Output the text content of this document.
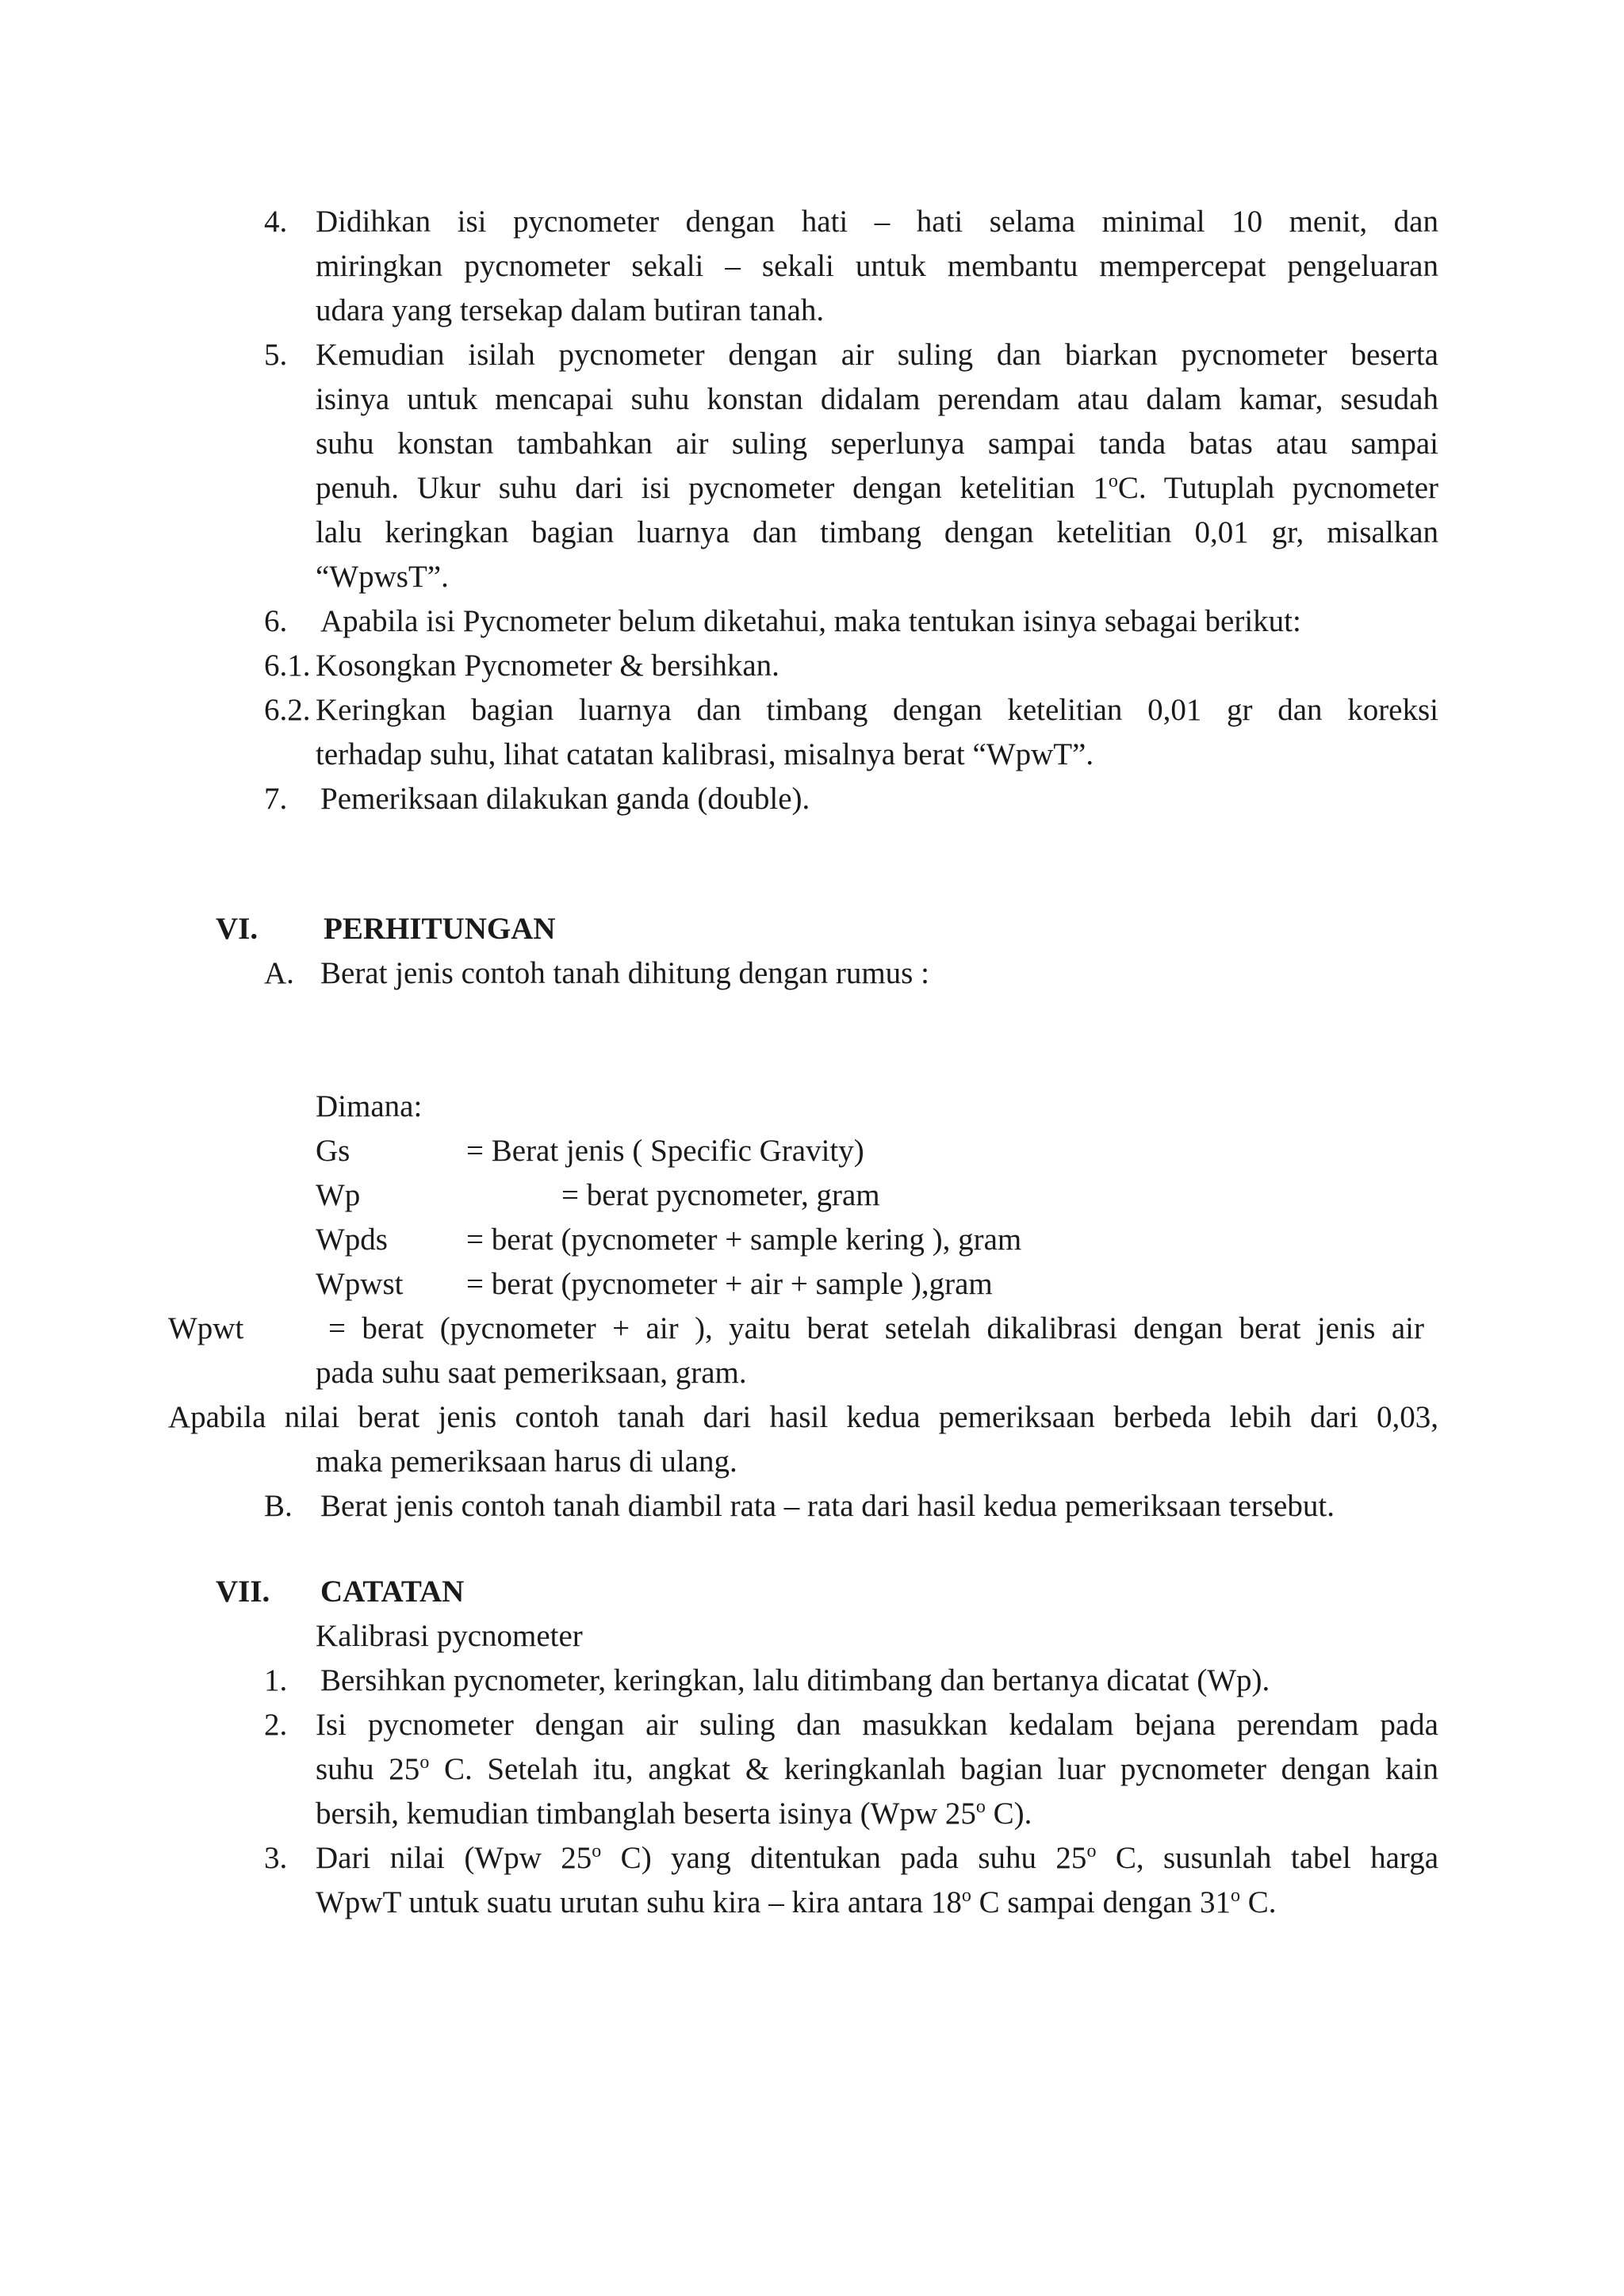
4. Didihkan isi pycnometer dengan hati – hati selama minimal 10 menit, dan
miringkan pycnometer sekali – sekali untuk membantu mempercepat pengeluaran
udara yang tersekap dalam butiran tanah.
5. Kemudian isilah pycnometer dengan air suling dan biarkan pycnometer beserta
isinya untuk mencapai suhu konstan didalam perendam atau dalam kamar, sesudah
suhu konstan tambahkan air suling seperlunya sampai tanda batas atau sampai
penuh. Ukur suhu dari isi pycnometer dengan ketelitian 1$^o$C. Tutuplah pycnometer
lalu keringkan bagian luarnya dan timbang dengan ketelitian 0,01 gr, misalkan
“WpwsT”.
6. Apabila isi Pycnometer belum diketahui, maka tentukan isinya sebagai berikut:
6.1. Kosongkan Pycnometer & bersihkan.
6.2. Keringkan bagian luarnya dan timbang dengan ketelitian 0,01 gr dan koreksi
terhadap suhu, lihat catatan kalibrasi, misalnya berat “WpwT”.
7. Pemeriksaan dilakukan ganda (double).
VI. PERHITUNGAN
A. Berat jenis contoh tanah dihitung dengan rumus :
Dimana:
Gs	= Berat jenis ( Specific Gravity)
Wp	= berat pycnometer, gram
Wpds	= berat (pycnometer + sample kering ), gram
Wpwst = berat (pycnometer + air + sample ),gram
Wpwt	= berat (pycnometer + air ), yaitu berat setelah dikalibrasi dengan berat jenis air
pada suhu saat pemeriksaan, gram.
Apabila nilai berat jenis contoh tanah dari hasil kedua pemeriksaan berbeda lebih dari 0,03,
maka pemeriksaan harus di ulang.
B. Berat jenis contoh tanah diambil rata – rata dari hasil kedua pemeriksaan tersebut.
VII. CATATAN
Kalibrasi pycnometer
1. Bersihkan pycnometer, keringkan, lalu ditimbang dan bertanya dicatat (Wp).
2. Isi pycnometer dengan air suling dan masukkan kedalam bejana perendam pada
suhu 25$^o$ C. Setelah itu, angkat & keringkanlah bagian luar pycnometer dengan kain
bersih, kemudian timbanglah beserta isinya (Wpw 25$^o$ C).
3. Dari nilai (Wpw 25$^o$ C) yang ditentukan pada suhu 25$^o$ C, susunlah tabel harga
WpwT untuk suatu urutan suhu kira – kira antara 18$^o$ C sampai dengan 31$^o$ C.
